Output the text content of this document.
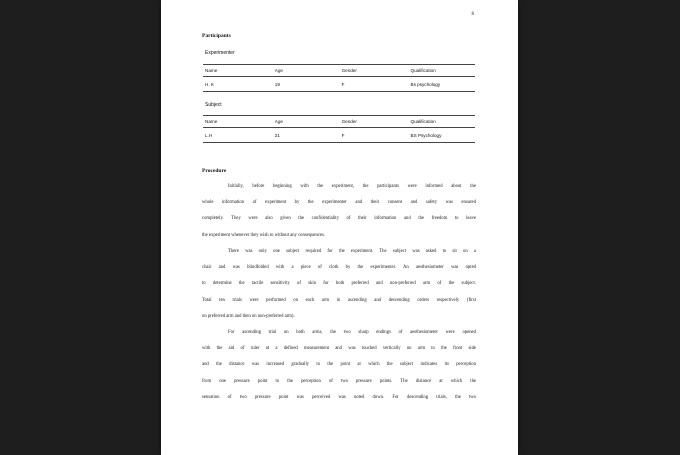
8
Participants
Experimenter
Name	Age	Gender	Qualification
H. K	19	F	Bs psychology
Subject
Name	Age	Gender	Qualification
L.H	21	F	BS Psychology
Procedure
Initially, before beginning with the experiment, the participants were informed about the
whole information of experiment by the experimenter and their consent and safety was ensured
completely. They were also given the confidentiality of their information and the freedom to leave
the experiment whenever they wish to without any consequences.
There was only one subject required for the experiment. The subject was asked to sit on a
chair and was blindfolded with a piece of cloth by the experimenter. An aesthesiometer was opted
to determine the tactile sensitivity of skin for both preferred and non-preferred arm of the subject.
Total ten trials were performed on each arm in ascending and descending orders respectively (first
on preferred arm and then on non-preferred arm).
For ascending trial on both arms, the two sharp endings of aesthesiometer were opened
with the aid of ruler at a defined measurement and was touched vertically on arm to the front side
and the distance was increased gradually to the point at which the subject indicates its perception
from one pressure point to the perception of two pressure points. The distance at which the
sensation of two pressure point was perceived was noted down. For descending trials, the two
